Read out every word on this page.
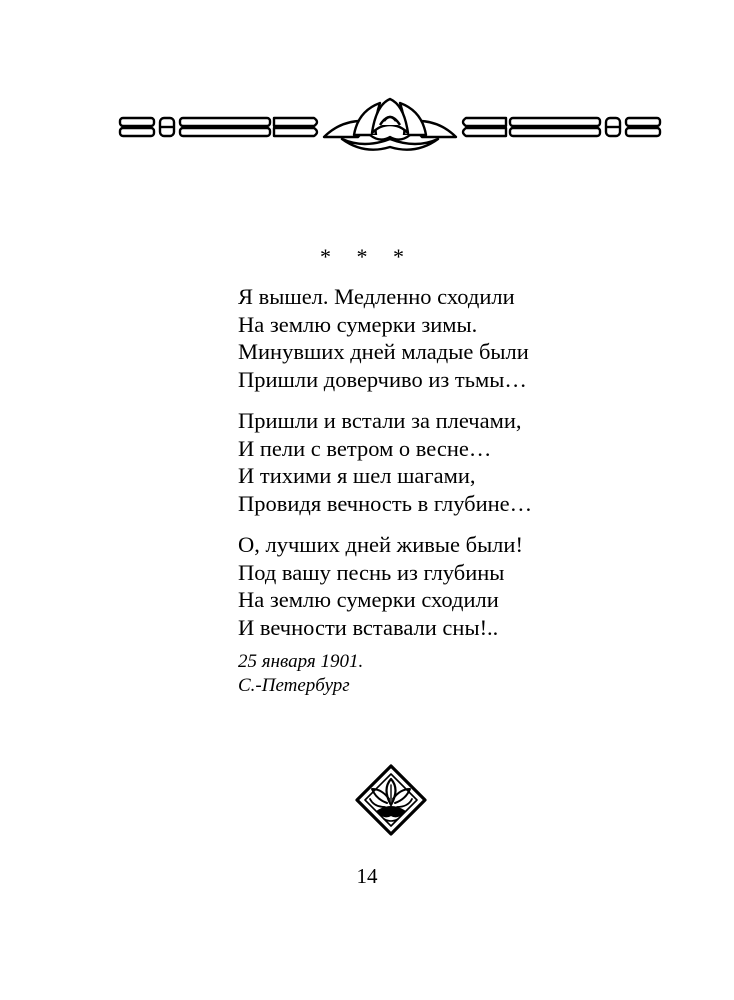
* * *
Я вышел. Медленно сходили
На землю сумерки зимы.
Минувших дней младые были
Пришли доверчиво из тьмы…
Пришли и встали за плечами,
И пели с ветром о весне…
И тихими я шел шагами,
Провидя вечность в глубине…
О, лучших дней живые были!
Под вашу песнь из глубины
На землю сумерки сходили
И вечности вставали сны!..
25 января 1901.
С.-Петербург
14
